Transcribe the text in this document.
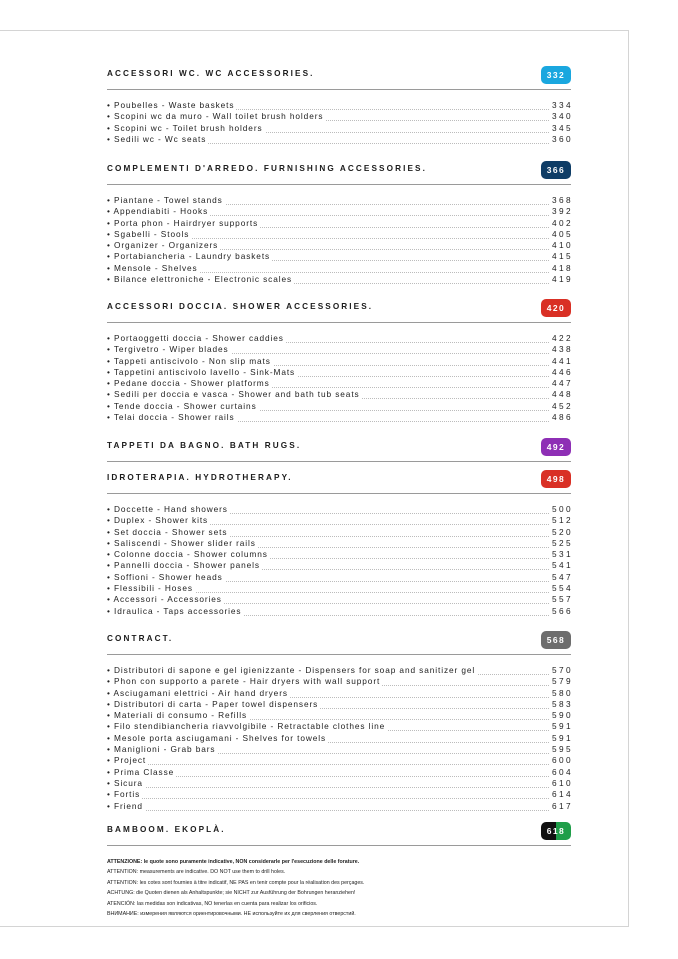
ACCESSORI WC. WC ACCESSORIES.	332
• Poubelles - Waste baskets	334
• Scopini wc da muro - Wall toilet brush holders	340
• Scopini wc - Toilet brush holders	345
• Sedili wc - Wc seats	360
COMPLEMENTI D'ARREDO. FURNISHING ACCESSORIES.	366
• Piantane - Towel stands	368
• Appendiabiti - Hooks	392
• Porta phon - Hairdryer supports	402
• Sgabelli - Stools	405
• Organizer - Organizers	410
• Portabiancheria - Laundry baskets	415
• Mensole - Shelves	418
• Bilance elettroniche - Electronic scales	419
ACCESSORI DOCCIA. SHOWER ACCESSORIES.	420
• Portaoggetti doccia - Shower caddies	422
• Tergivetro - Wiper blades	438
• Tappeti antiscivolo - Non slip mats	441
• Tappetini antiscivolo lavello - Sink-Mats	446
• Pedane doccia - Shower platforms	447
• Sedili per doccia e vasca - Shower and bath tub seats	448
• Tende doccia - Shower curtains	452
• Telai doccia - Shower rails	486
TAPPETI DA BAGNO. BATH RUGS.	492
IDROTERAPIA. HYDROTHERAPY.	498
• Doccette - Hand showers	500
• Duplex - Shower kits	512
• Set doccia - Shower sets	520
• Saliscendi - Shower slider rails	525
• Colonne doccia - Shower columns	531
• Pannelli doccia - Shower panels	541
• Soffioni - Shower heads	547
• Flessibili - Hoses	554
• Accessori - Accessories	557
• Idraulica - Taps accessories	566
CONTRACT.	568
• Distributori di sapone e gel igienizzante - Dispensers for soap and sanitizer gel	570
• Phon con supporto a parete - Hair dryers with wall support	579
• Asciugamani elettrici - Air hand dryers	580
• Distributori di carta - Paper towel dispensers	583
• Materiali di consumo - Refills	590
• Filo stendibiancheria riavvolgibile - Retractable clothes line	591
• Mesole porta asciugamani - Shelves for towels	591
• Maniglioni - Grab bars	595
• Project	600
• Prima Classe	604
• Sicura	610
• Fortis	614
• Friend	617
BAMBOOM. EKOPLÀ.	618
ATTENZIONE: le quote sono puramente indicative, NON considerarle per l'esecuzione delle forature.
ATTENTION: measurements are indicative. DO NOT use them to drill holes.
ATTENTION: les cotes sont fournies à titre indicatif, NE PAS en tenir compte pour la réalisation des perçages.
ACHTUNG: die Quoten dienen als Anhaltspunkte; sie NICHT zur Ausführung der Bohrungen heranziehen!
ATENCIÓN: las medidas son indicativas, NO tenerlas en cuenta para realizar los orificios.
ВНИМАНИЕ: измерения являются ориентировочными. НЕ используйте их для сверления отверстий.
